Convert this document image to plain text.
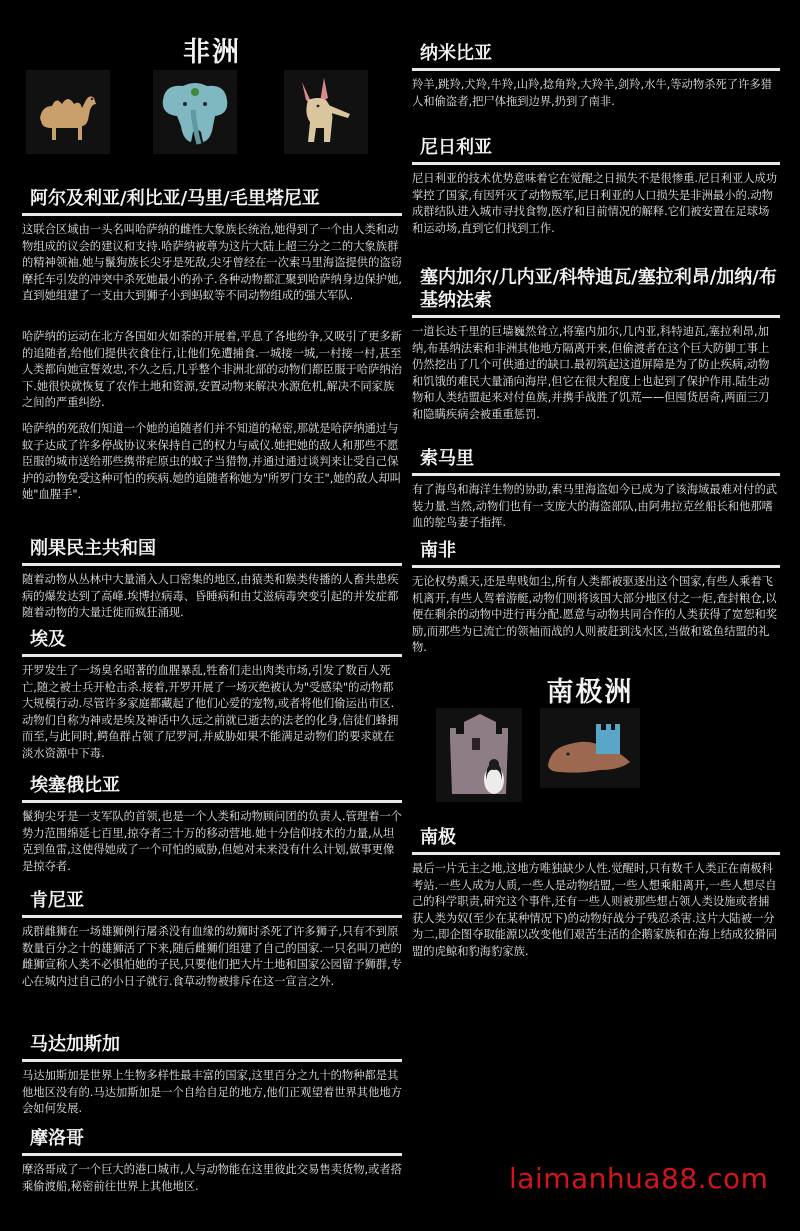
非洲
阿尔及利亚/利比亚/马里/毛里塔尼亚

这联合区域由一头名叫哈萨纳的雌性大象族长统治,她得到了一个由人类和动物组成的议会的建议和支持.哈萨纳被尊为这片大陆上超三分之二的大象族群的精神领袖.她与鬣狗族长尖牙是死敌,尖牙曾经在一次索马里海盗提供的盗窃摩托车引发的冲突中杀死她最小的孙子.各种动物都汇聚到哈萨纳身边保护她,直到她组建了一支由大到狮子小到蚂蚁等不同动物组成的强大军队.

哈萨纳的运动在北方各国如火如荼的开展着,平息了各地纷争,又吸引了更多新的追随者,给他们提供衣食住行,让他们免遭捕食.一城接一城,一村接一村,甚至人类都向她宣誓效忠,不久之后,几乎整个非洲北部的动物们都臣服于哈萨纳治下.她很快就恢复了农作土地和资源,安置动物来解决水源危机,解决不同家族之间的严重纠纷.

哈萨纳的死敌们知道一个她的追随者们并不知道的秘密,那就是哈萨纳通过与蚊子达成了许多停战协议来保持自己的权力与威仪.她把她的敌人和那些不愿臣服的城市送给那些携带疟原虫的蚊子当猎物,并通过通过谈判来让受自己保护的动物免受这种可怕的疾病.她的追随者称她为"所罗门女王",她的敌人却叫她"血腥手".

刚果民主共和国

随着动物从丛林中大量涌入人口密集的地区,由猿类和猴类传播的人畜共患疾病的爆发达到了高峰.埃博拉病毒、昏睡病和由艾滋病毒突变引起的并发症都随着动物的大量迁徙而疯狂涌现.

埃及

开罗发生了一场臭名昭著的血腥暴乱,牲畜们走出肉类市场,引发了数百人死亡,随之被士兵开枪击杀.接着,开罗开展了一场灭绝被认为"受感染"的动物都大规模行动.尽管许多家庭都藏起了他们心爱的宠物,或者将他们偷运出市区.动物们自称为神或是埃及神话中久远之前就已逝去的法老的化身,信徒们蜂拥而至,与此同时,鳄鱼群占领了尼罗河,并威胁如果不能满足动物们的要求就在淡水资源中下毒.

埃塞俄比亚

鬣狗尖牙是一支军队的首领,也是一个人类和动物顾问团的负责人.管理着一个势力范围绵延七百里,掠夺者三十万的移动营地.她十分信仰技术的力量,从坦克到鱼雷,这使得她成了一个可怕的威胁,但她对未来没有什么计划,做事更像是掠夺者.

肯尼亚

成群雌狮在一场雄狮例行屠杀没有血缘的幼狮时杀死了许多狮子,只有不到原数量百分之十的雄狮活了下来,随后雌狮们组建了自己的国家.一只名叫刀疤的雌狮宣称人类不必惧怕她的子民,只要他们把大片土地和国家公园留予狮群,专心在城内过自己的小日子就行.食草动物被排斥在这一宣言之外.

马达加斯加

马达加斯加是世界上生物多样性最丰富的国家,这里百分之九十的物种都是其他地区没有的.马达加斯加是一个自给自足的地方,他们正观望着世界其他地方会如何发展.

摩洛哥

摩洛哥成了一个巨大的港口城市,人与动物能在这里彼此交易售卖货物,或者搭乘偷渡船,秘密前往世界上其他地区.

纳米比亚

羚羊,跳羚,犬羚,牛羚,山羚,捻角羚,大羚羊,剑羚,水牛,等动物杀死了许多猎人和偷盗者,把尸体拖到边界,扔到了南非.

尼日利亚

尼日利亚的技术优势意味着它在觉醒之日损失不是很惨重.尼日利亚人成功掌控了国家,有因歼灭了动物叛军,尼日利亚的人口损失是非洲最小的.动物成群结队进入城市寻找食物,医疗和目前情况的解释.它们被安置在足球场和运动场,直到它们找到工作.

塞内加尔/几内亚/科特迪瓦/塞拉利昂/加纳/布基纳法索

一道长达千里的巨墙巍然耸立,将塞内加尔,几内亚,科特迪瓦,塞拉利昂,加纳,布基纳法索和非洲其他地方隔离开来,但偷渡者在这个巨大防御工事上仍然挖出了几个可供通过的缺口.最初筑起这道屏障是为了防止疾病,动物和饥饿的难民大量涌向海岸,但它在很大程度上也起到了保护作用.陆生动物和人类结盟起来对付鱼族,并携手战胜了饥荒——但囤货居奇,两面三刀和隐瞒疾病会被重重惩罚.

索马里

有了海鸟和海洋生物的协助,索马里海盗如今已成为了该海域最难对付的武装力量.当然,动物们也有一支庞大的海盗部队,由阿弗拉克丝船长和他那嗜血的鸵鸟妻子指挥.

南非

无论权势熏天,还是卑贱如尘,所有人类都被驱逐出这个国家,有些人乘着飞机离开,有些人驾着游艇,动物们则将该国大部分地区付之一炬,查封粮仓,以便在剩余的动物中进行再分配.愿意与动物共同合作的人类获得了宽恕和奖励,而那些为已流亡的领袖而战的人则被赶到浅水区,当做和鲨鱼结盟的礼物.

南极洲
南极

最后一片无主之地,这地方唯独缺少人性.觉醒时,只有数千人类正在南极科考站.一些人成为人质,一些人是动物结盟,一些人想乘船离开,一些人想尽自己的科学职责,研究这个事件,还有一些人则被那些想占领人类设施或者捕获人类为奴(至少在某种情况下)的动物好战分子残忍杀害.这片大陆被一分为二,即企图夺取能源以改变他们艰苦生活的企鹅家族和在海上结成狡猾同盟的虎鲸和豹海豹家族.

laimanhua88.com
